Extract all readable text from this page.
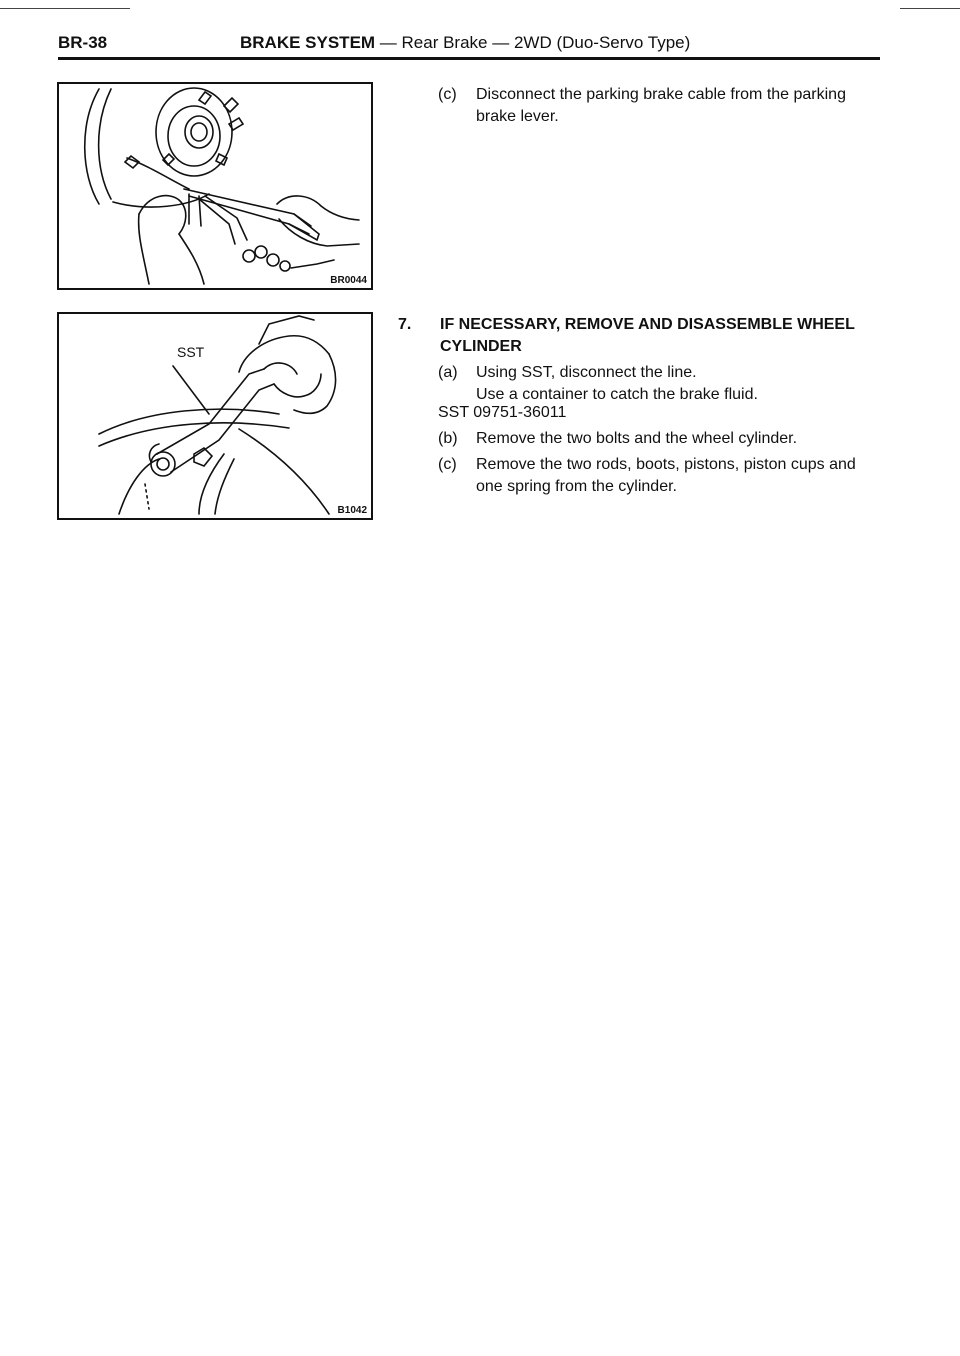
BR-38	BRAKE SYSTEM — Rear Brake — 2WD (Duo-Servo Type)
BR0044
SST
B1042
(c) Disconnect the parking brake cable from the parking brake lever.
7. IF NECESSARY, REMOVE AND DISASSEMBLE WHEEL CYLINDER
(a) Using SST, disconnect the line.
Use a container to catch the brake fluid.
SST 09751-36011
(b) Remove the two bolts and the wheel cylinder.
(c) Remove the two rods, boots, pistons, piston cups and one spring from the cylinder.
